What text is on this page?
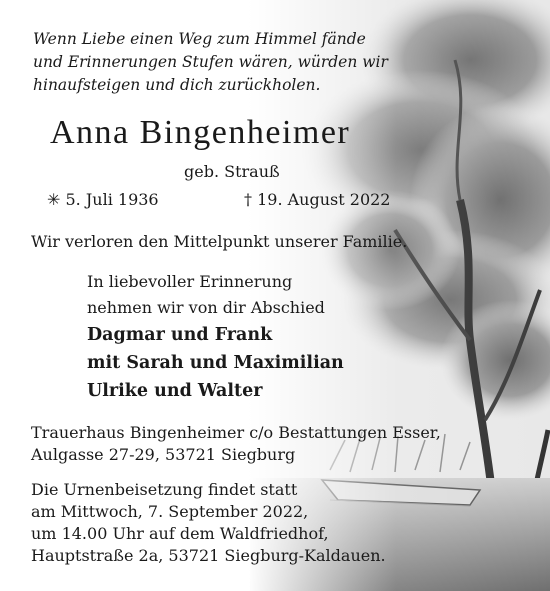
Wenn Liebe einen Weg zum Himmel fände
und Erinnerungen Stufen wären, würden wir
hinaufsteigen und dich zurückholen.
Anna Bingenheimer
geb. Strauß
✳ 5. Juli 1936	† 19. August 2022
Wir verloren den Mittelpunkt unserer Familie.
In liebevoller Erinnerung
nehmen wir von dir Abschied
Dagmar und Frank
mit Sarah und Maximilian
Ulrike und Walter
Trauerhaus Bingenheimer c/o Bestattungen Esser,
Aulgasse 27-29, 53721 Siegburg
Die Urnenbeisetzung findet statt
am Mittwoch, 7. September 2022,
um 14.00 Uhr auf dem Waldfriedhof,
Hauptstraße 2a, 53721 Siegburg-Kaldauen.
